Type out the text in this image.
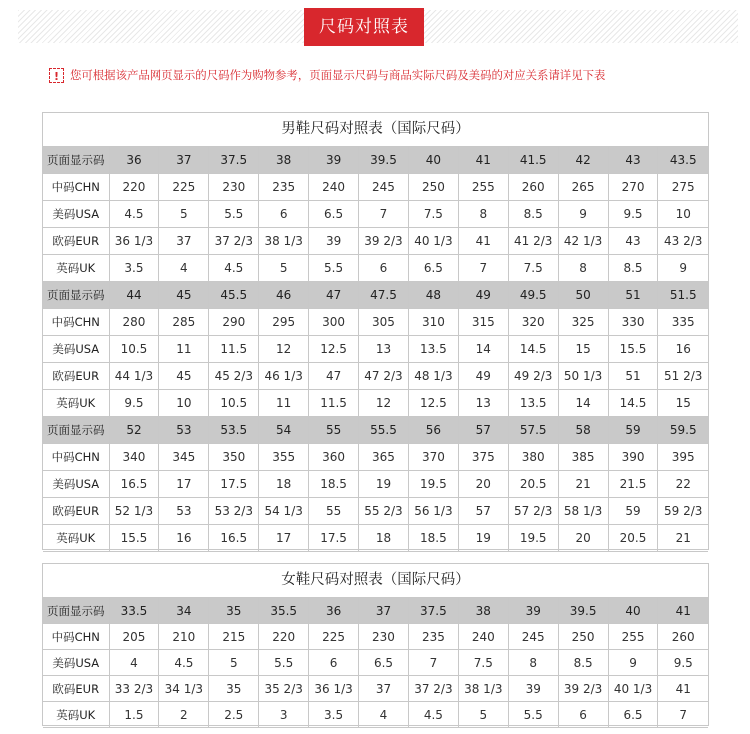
尺码对照表
! 您可根据该产品网页显示的尺码作为购物参考，页面显示尺码与商品实际尺码及美码的对应关系请详见下表
男鞋尺码对照表（国际尺码）
页面显示码	36	37	37.5	38	39	39.5	40	41	41.5	42	43	43.5
中码CHN	220	225	230	235	240	245	250	255	260	265	270	275
美码USA	4.5	5	5.5	6	6.5	7	7.5	8	8.5	9	9.5	10
欧码EUR	36 1/3	37	37 2/3	38 1/3	39	39 2/3	40 1/3	41	41 2/3	42 1/3	43	43 2/3
英码UK	3.5	4	4.5	5	5.5	6	6.5	7	7.5	8	8.5	9
页面显示码	44	45	45.5	46	47	47.5	48	49	49.5	50	51	51.5
中码CHN	280	285	290	295	300	305	310	315	320	325	330	335
美码USA	10.5	11	11.5	12	12.5	13	13.5	14	14.5	15	15.5	16
欧码EUR	44 1/3	45	45 2/3	46 1/3	47	47 2/3	48 1/3	49	49 2/3	50 1/3	51	51 2/3
英码UK	9.5	10	10.5	11	11.5	12	12.5	13	13.5	14	14.5	15
页面显示码	52	53	53.5	54	55	55.5	56	57	57.5	58	59	59.5
中码CHN	340	345	350	355	360	365	370	375	380	385	390	395
美码USA	16.5	17	17.5	18	18.5	19	19.5	20	20.5	21	21.5	22
欧码EUR	52 1/3	53	53 2/3	54 1/3	55	55 2/3	56 1/3	57	57 2/3	58 1/3	59	59 2/3
英码UK	15.5	16	16.5	17	17.5	18	18.5	19	19.5	20	20.5	21
女鞋尺码对照表（国际尺码）
页面显示码	33.5	34	35	35.5	36	37	37.5	38	39	39.5	40	41
中码CHN	205	210	215	220	225	230	235	240	245	250	255	260
美码USA	4	4.5	5	5.5	6	6.5	7	7.5	8	8.5	9	9.5
欧码EUR	33 2/3	34 1/3	35	35 2/3	36 1/3	37	37 2/3	38 1/3	39	39 2/3	40 1/3	41
英码UK	1.5	2	2.5	3	3.5	4	4.5	5	5.5	6	6.5	7
